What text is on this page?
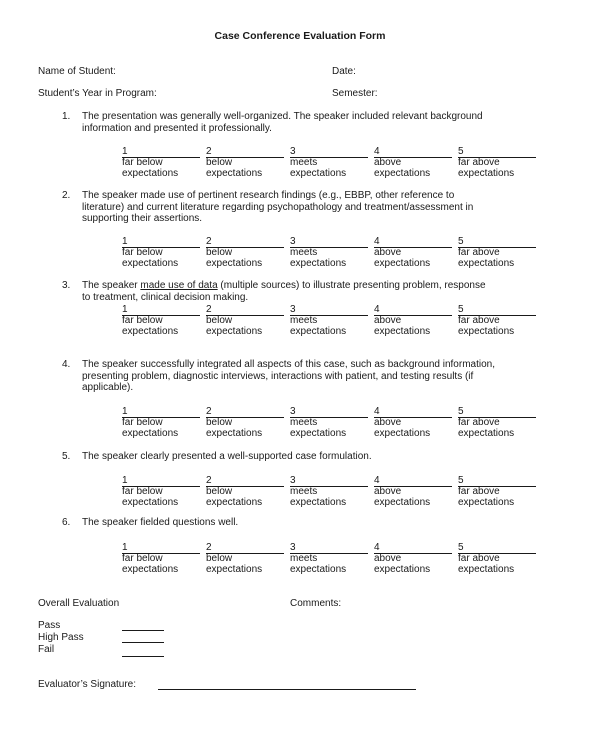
Case Conference Evaluation Form
Name of Student:	Date:
Student’s Year in Program:	Semester:
1. The presentation was generally well-organized. The speaker included relevant background
information and presented it professionally.
1
far below
expectations
2
below
expectations
3
meets
expectations
4
above
expectations
5
far above
expectations
2. The speaker made use of pertinent research findings (e.g., EBBP, other reference to
literature) and current literature regarding psychopathology and treatment/assessment in
supporting their assertions.
1
far below
expectations
2
below
expectations
3
meets
expectations
4
above
expectations
5
far above
expectations
3. The speaker made use of data (multiple sources) to illustrate presenting problem, response
to treatment, clinical decision making.
1
far below
expectations
2
below
expectations
3
meets
expectations
4
above
expectations
5
far above
expectations
4. The speaker successfully integrated all aspects of this case, such as background information,
presenting problem, diagnostic interviews, interactions with patient, and testing results (if
applicable).
1
far below
expectations
2
below
expectations
3
meets
expectations
4
above
expectations
5
far above
expectations
5. The speaker clearly presented a well-supported case formulation.
1
far below
expectations
2
below
expectations
3
meets
expectations
4
above
expectations
5
far above
expectations
6. The speaker fielded questions well.
1
far below
expectations
2
below
expectations
3
meets
expectations
4
above
expectations
5
far above
expectations
Overall Evaluation	Comments:
Pass
High Pass
Fail
Evaluator’s Signature:
